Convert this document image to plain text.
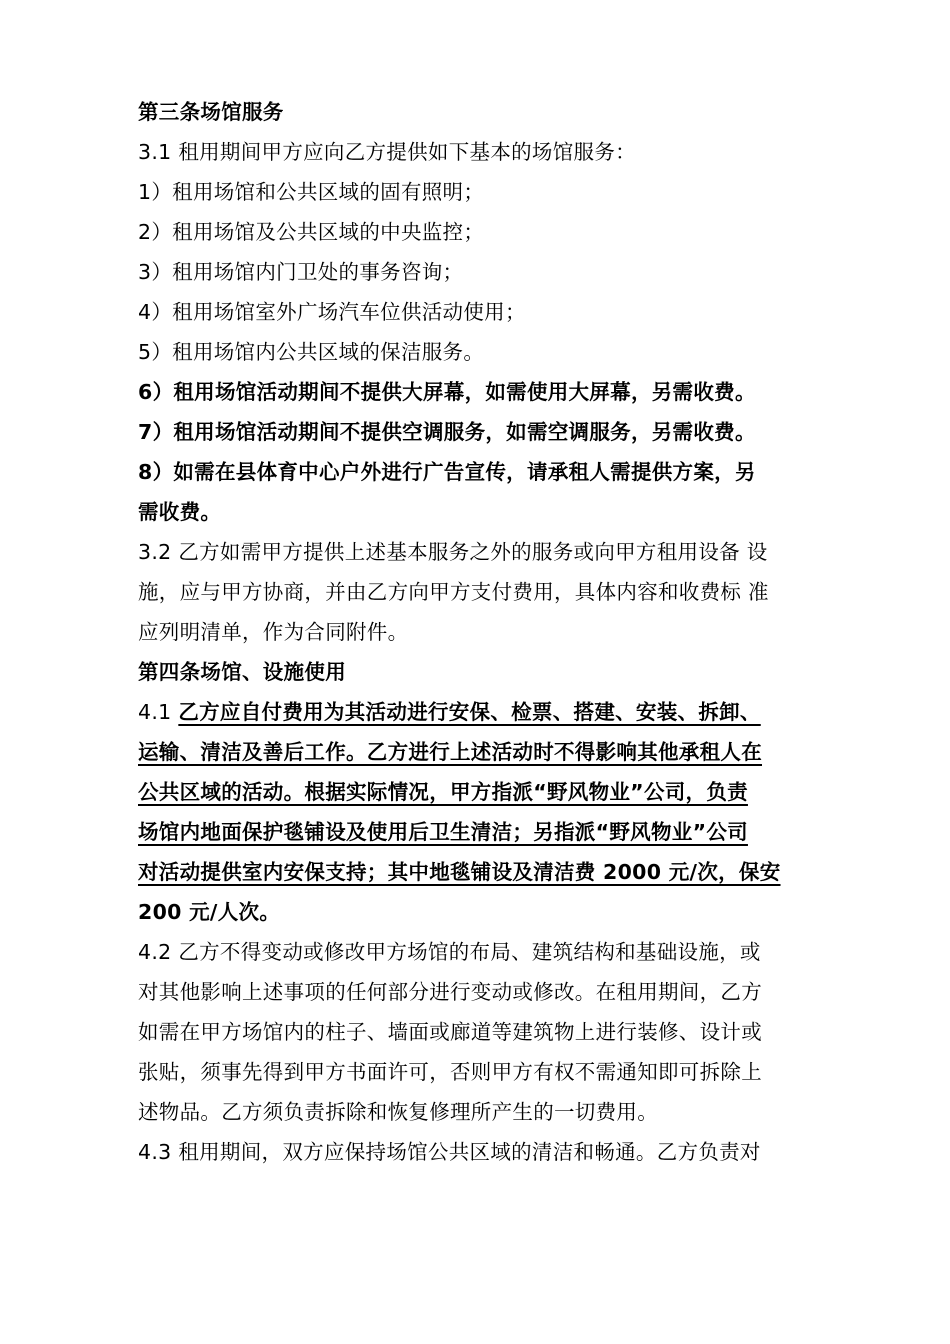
第三条场馆服务
3.1 租用期间甲方应向乙方提供如下基本的场馆服务：
1）租用场馆和公共区域的固有照明；
2）租用场馆及公共区域的中央监控；
3）租用场馆内门卫处的事务咨询；
4）租用场馆室外广场汽车位供活动使用；
5）租用场馆内公共区域的保洁服务。
6）租用场馆活动期间不提供大屏幕，如需使用大屏幕，另需收费。
7）租用场馆活动期间不提供空调服务，如需空调服务，另需收费。
8）如需在县体育中心户外进行广告宣传，请承租人需提供方案，另
需收费。
3.2 乙方如需甲方提供上述基本服务之外的服务或向甲方租用设备 设
施，应与甲方协商，并由乙方向甲方支付费用，具体内容和收费标 准
应列明清单，作为合同附件。
第四条场馆、设施使用
4.1 乙方应自付费用为其活动进行安保、检票、搭建、安装、拆卸、
运输、清洁及善后工作。乙方进行上述活动时不得影响其他承租人在
公共区域的活动。根据实际情况，甲方指派“野风物业”公司，负责
场馆内地面保护毯铺设及使用后卫生清洁；另指派“野风物业”公司
对活动提供室内安保支持；其中地毯铺设及清洁费 2000 元/次，保安
200 元/人次。
4.2 乙方不得变动或修改甲方场馆的布局、建筑结构和基础设施，或
对其他影响上述事项的任何部分进行变动或修改。在租用期间，乙方
如需在甲方场馆内的柱子、墙面或廊道等建筑物上进行装修、设计或
张贴，须事先得到甲方书面许可，否则甲方有权不需通知即可拆除上
述物品。乙方须负责拆除和恢复修理所产生的一切费用。
4.3 租用期间，双方应保持场馆公共区域的清洁和畅通。乙方负责对
